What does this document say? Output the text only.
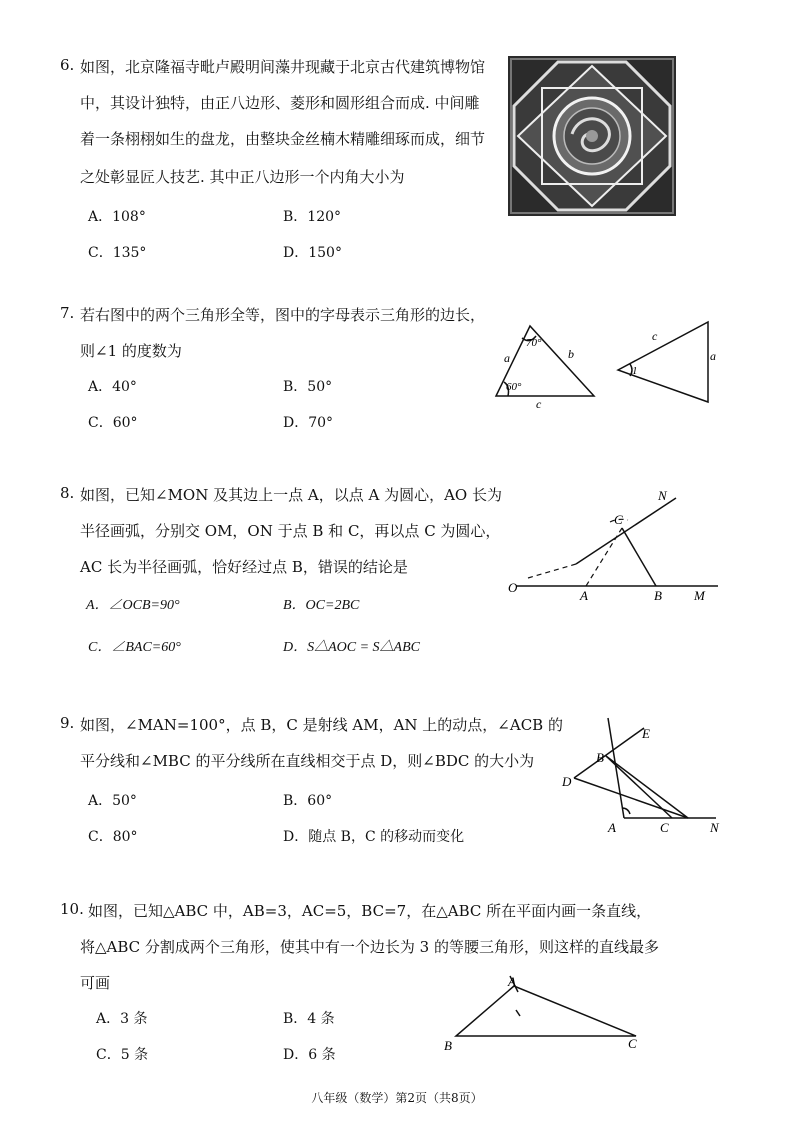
6. 如图，北京隆福寺毗卢殿明间藻井现藏于北京古代建筑博物馆
中，其设计独特，由正八边形、菱形和圆形组合而成. 中间雕
着一条栩栩如生的盘龙，由整块金丝楠木精雕细琢而成，细节
之处彰显匠人技艺. 其中正八边形一个内角大小为
A．108°	B．120°
C．135°	D．150°
7. 若右图中的两个三角形全等，图中的字母表示三角形的边长，
则∠1 的度数为
A．40°	B．50°
C．60°	D．70°
70°
60°
a	b
c
c
a
1
8. 如图，已知∠MON 及其边上一点 A，以点 A 为圆心，AO 长为
半径画弧，分别交 OM，ON 于点 B 和 C，再以点 C 为圆心，
AC 长为半径画弧，恰好经过点 B，错误的结论是
A．∠OCB=90°	B．OC=2BC
C．∠BAC=60°	D．S△AOC = S△ABC
O
A	B M
C
N
9. 如图，∠MAN=100°，点 B，C 是射线 AM，AN 上的动点，∠ACB 的
平分线和∠MBC 的平分线所在直线相交于点 D，则∠BDC 的大小为
A．50°	B．60°
C．80°	D．随点 B，C 的移动而变化
E
B
D
A	C	N
10. 如图，已知△ABC 中，AB=3，AC=5，BC=7，在△ABC 所在平面内画一条直线，
将△ABC 分割成两个三角形，使其中有一个边长为 3 的等腰三角形，则这样的直线最多
可画
A．3 条	B．4 条
C．5 条	D．6 条
A
B	C
八年级（数学）第2页（共8页）
